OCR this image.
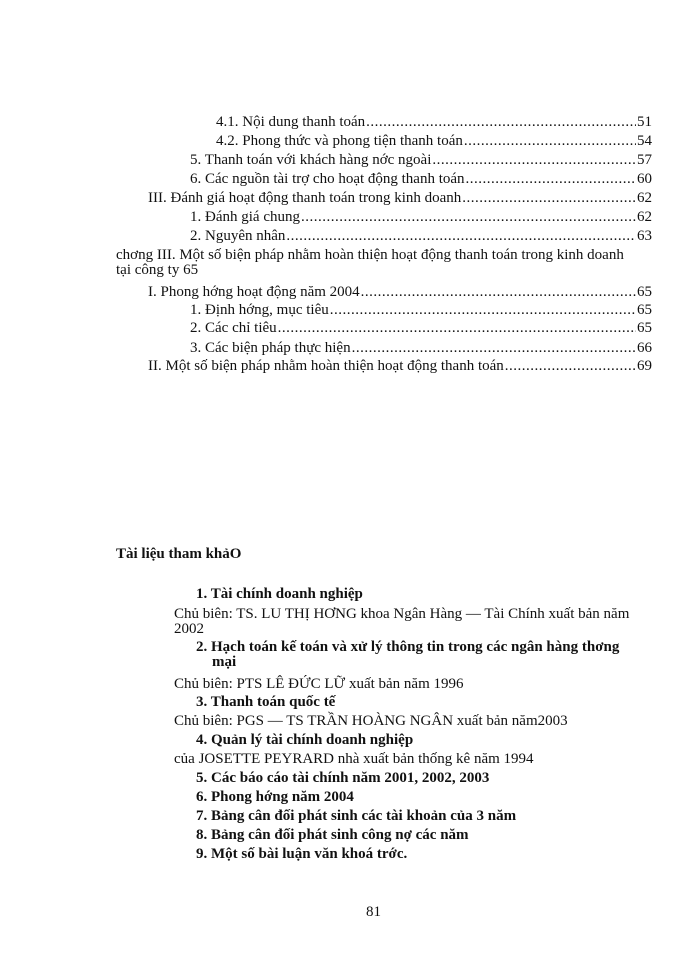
4.1. Nội dung thanh toán .....	51
4.2. Phong thức và phong tiện thanh toán .....	54
5. Thanh toán với khách hàng nớc ngoài .....	57
6. Các nguồn tài trợ cho hoạt động thanh toán .....	60
III. Đánh giá hoạt động thanh toán trong kinh doanh .....	62
1. Đánh giá chung .....	62
2. Nguyên nhân .....	63
chơng III. Một số biện pháp nhằm hoàn thiện hoạt động thanh toán trong kinh doanh tại công ty 65
I. Phong hớng hoạt động năm 2004 .....	65
1. Định hớng, mục tiêu .....	65
2. Các chỉ tiêu .....	65
3. Các biện pháp thực hiện .....	66
II. Một số biện pháp nhằm hoàn thiện hoạt động thanh toán .....	69
Tài liệu tham khảO
1. Tài chính doanh nghiệp
Chủ biên: TS. LU THỊ HƠNG khoa Ngân Hàng — Tài Chính xuất bản năm 2002
2. Hạch toán kế toán và xử lý thông tin trong các ngân hàng thơng mại
Chủ biên: PTS LÊ ĐỨC LỮ xuất bản năm 1996
3. Thanh toán quốc tế
Chủ biên: PGS — TS TRẦN HOÀNG NGÂN xuất bản năm2003
4. Quản lý tài chính doanh nghiệp
của JOSETTE PEYRARD nhà xuất bản thống kê năm 1994
5. Các báo cáo tài chính năm 2001, 2002, 2003
6. Phong hớng năm 2004
7. Bảng cân đối phát sinh các tài khoản của 3 năm
8. Bảng cân đối phát sinh công nợ các năm
9. Một số bài luận văn khoá trớc.
81
